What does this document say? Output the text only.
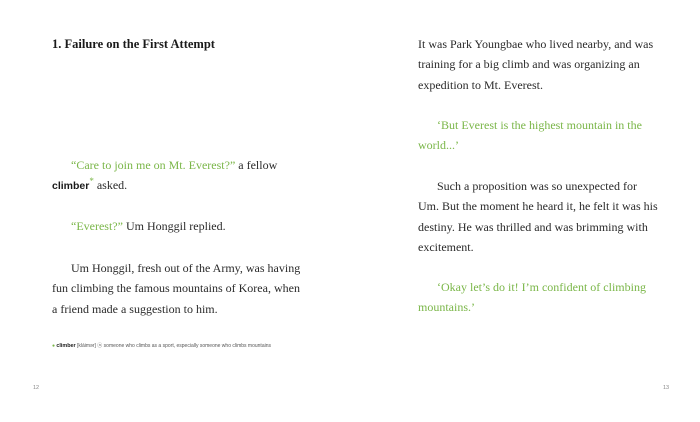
1. Failure on the First Attempt

“Care to join me on Mt. Everest?” a fellow
climber* asked.

“Everest?” Um Honggil replied.

Um Honggil, fresh out of the Army, was having fun climbing the famous mountains of Korea, when a friend made a suggestion to him.

● climber [kláimər] ⓝ someone who climbs as a sport, especially someone who climbs mountains
12

It was Park Youngbae who lived nearby, and was training for a big climb and was organizing an expedition to Mt. Everest.

‘But Everest is the highest mountain in the world...’

Such a proposition was so unexpected for Um. But the moment he heard it, he felt it was his destiny. He was thrilled and was brimming with excitement.

‘Okay let’s do it! I’m confident of climbing mountains.’

13
